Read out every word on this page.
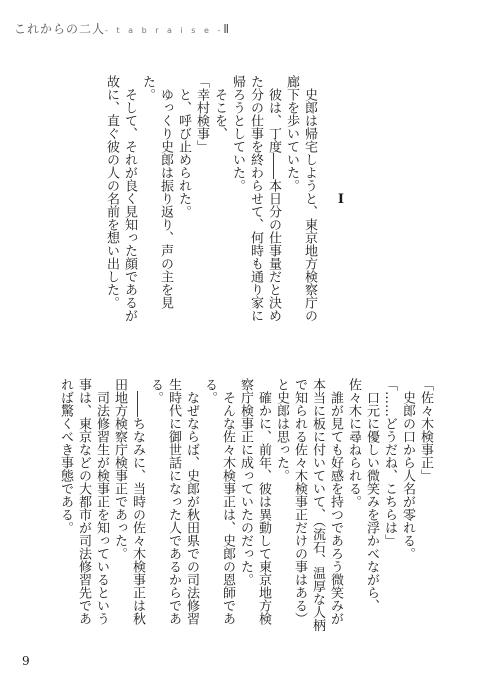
これからの二人- t a b r a i s e -Ⅱ

　史郎は帰宅しようと、東京地方検察庁の廊下を歩いていた。

　彼は、丁度――本日分の仕事量だと決めた分の仕事を終わらせて、何時も通り家に帰ろうとしていた。

　そこを、

「幸村検事」

　と、呼び止められた。

　ゆっくり史郎は振り返り、声の主を見た。

　そして、それが良く見知った顔であるが故に、直ぐ彼の人の名前を想い出した。	Ⅰ

「佐々木検事正」

　史郎の口から人名が零れる。

「……どうだね、こちらは」

　口元に優しい微笑みを浮かべながら、佐々木に尋ねられる。

　誰が見ても好感を持つであろう微笑みが本当に板に付いていて、（流石、温厚な人柄で知られる佐々木検事正だけの事はある）と史郎は思った。

　確かに、前年、彼は異動して東京地方検察庁検事正に成っていたのだった。

　そんな佐々木検事正は、史郎の恩師である。

　なぜならば、史郎が秋田県での司法修習生時代に御世話になった人であるからである。

　――ちなみに、当時の佐々木検事正は秋田地方検察庁検事正であった。

　司法修習生が検事正を知っているという事は、東京などの大都市が司法修習先であれば驚くべき事態である。

9
